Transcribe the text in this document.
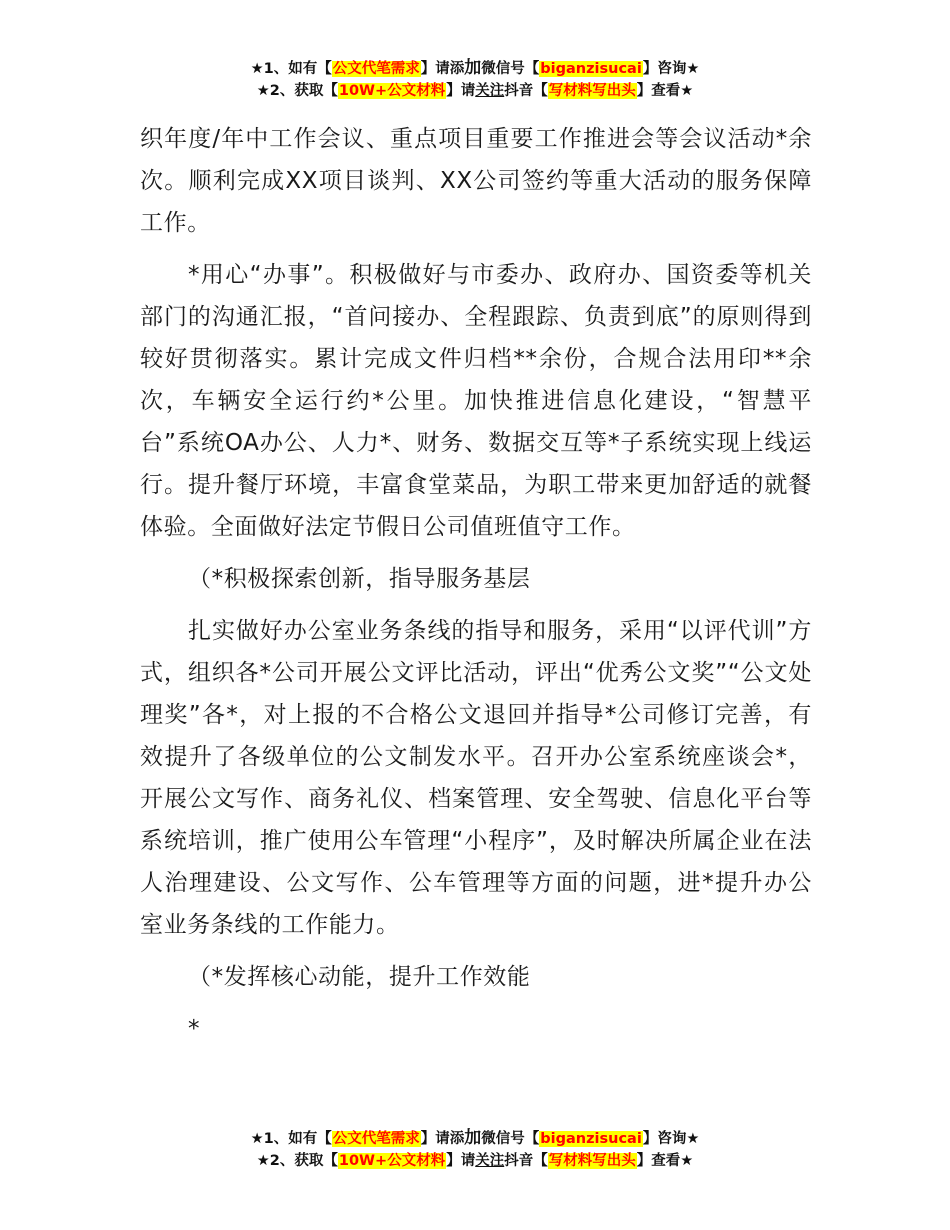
★1、如有【公文代笔需求】请添加微信号【biganzisucai】咨询★
★2、获取【10W+公文材料】请关注抖音【写材料写出头】查看★

织年度/年中工作会议、重点项目重要工作推进会等会议活动*余次。顺利完成XX项目谈判、XX公司签约等重大活动的服务保障工作。

*用心“办事”。积极做好与市委办、政府办、国资委等机关部门的沟通汇报，“首问接办、全程跟踪、负责到底”的原则得到较好贯彻落实。累计完成文件归档**余份，合规合法用印**余次，车辆安全运行约*公里。加快推进信息化建设，“智慧平台”系统OA办公、人力*、财务、数据交互等*子系统实现上线运行。提升餐厅环境，丰富食堂菜品，为职工带来更加舒适的就餐体验。全面做好法定节假日公司值班值守工作。

（*积极探索创新，指导服务基层

扎实做好办公室业务条线的指导和服务，采用“以评代训”方式，组织各*公司开展公文评比活动，评出“优秀公文奖”“公文处理奖”各*，对上报的不合格公文退回并指导*公司修订完善，有效提升了各级单位的公文制发水平。召开办公室系统座谈会*，开展公文写作、商务礼仪、档案管理、安全驾驶、信息化平台等系统培训，推广使用公车管理“小程序”，及时解决所属企业在法人治理建设、公文写作、公车管理等方面的问题，进*提升办公室业务条线的工作能力。

（*发挥核心动能，提升工作效能

*

★1、如有【公文代笔需求】请添加微信号【biganzisucai】咨询★
★2、获取【10W+公文材料】请关注抖音【写材料写出头】查看★
